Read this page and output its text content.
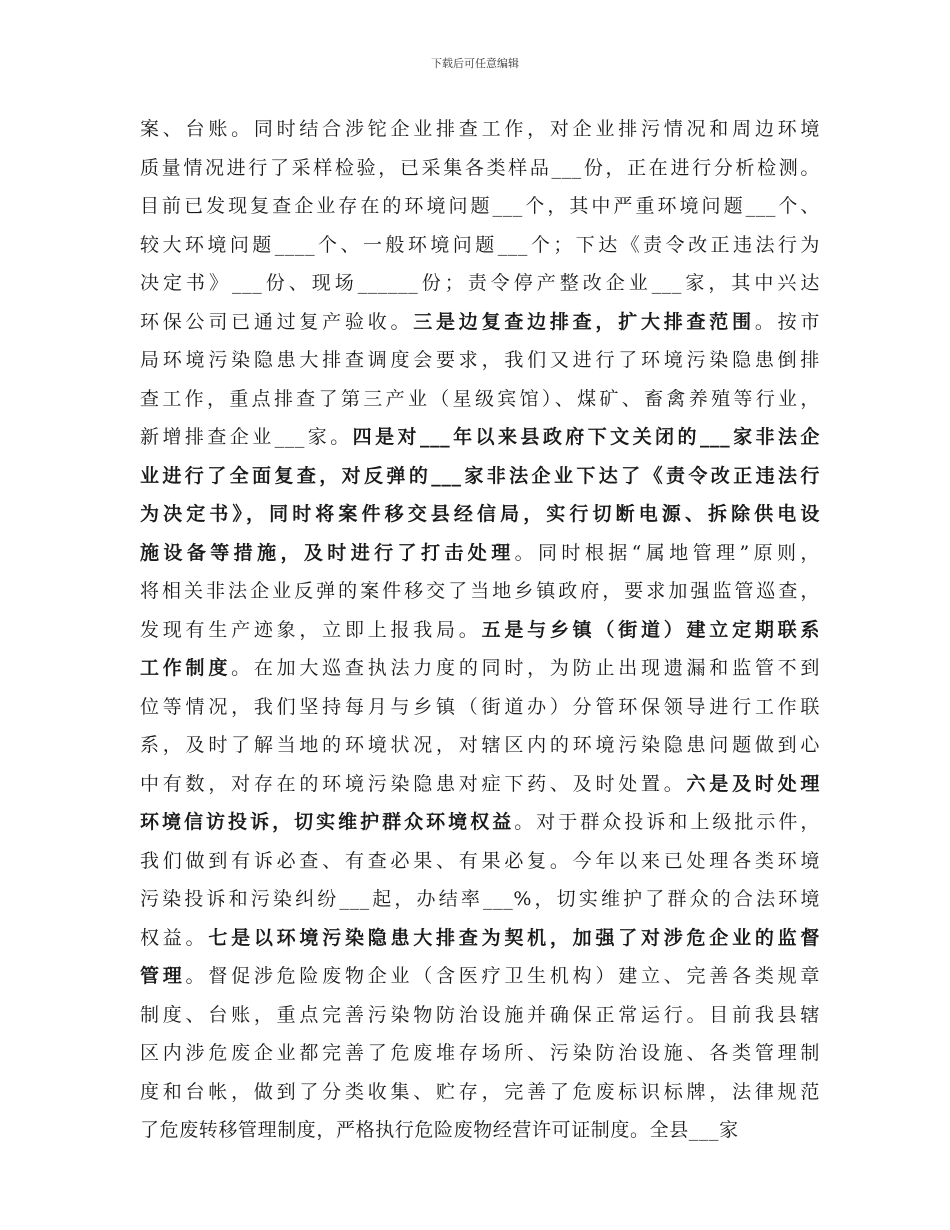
下载后可任意编辑
案、台账。同时结合涉铊企业排查工作，对企业排污情况和周边环境
质量情况进行了采样检验，已采集各类样品___份，正在进行分析检测。
目前已发现复查企业存在的环境问题___个，其中严重环境问题___个、
较大环境问题____个、一般环境问题___个；下达《责令改正违法行为
决定书》___份、现场______份；责令停产整改企业___家，其中兴达
环保公司已通过复产验收。三是边复查边排查，扩大排查范围。按市
局环境污染隐患大排查调度会要求，我们又进行了环境污染隐患倒排
查工作，重点排查了第三产业（星级宾馆）、煤矿、畜禽养殖等行业，
新增排查企业___家。四是对___年以来县政府下文关闭的___家非法企
业进行了全面复查，对反弹的___家非法企业下达了《责令改正违法行
为决定书》，同时将案件移交县经信局，实行切断电源、拆除供电设
施设备等措施，及时进行了打击处理。同时根据“属地管理”原则，
将相关非法企业反弹的案件移交了当地乡镇政府，要求加强监管巡查，
发现有生产迹象，立即上报我局。五是与乡镇（街道）建立定期联系
工作制度。在加大巡查执法力度的同时，为防止出现遗漏和监管不到
位等情况，我们坚持每月与乡镇（街道办）分管环保领导进行工作联
系，及时了解当地的环境状况，对辖区内的环境污染隐患问题做到心
中有数，对存在的环境污染隐患对症下药、及时处置。六是及时处理
环境信访投诉，切实维护群众环境权益。对于群众投诉和上级批示件，
我们做到有诉必查、有查必果、有果必复。今年以来已处理各类环境
污染投诉和污染纠纷___起，办结率___%，切实维护了群众的合法环境
权益。七是以环境污染隐患大排查为契机，加强了对涉危企业的监督
管理。督促涉危险废物企业（含医疗卫生机构）建立、完善各类规章
制度、台账，重点完善污染物防治设施并确保正常运行。目前我县辖
区内涉危废企业都完善了危废堆存场所、污染防治设施、各类管理制
度和台帐，做到了分类收集、贮存，完善了危废标识标牌，法律规范
了危废转移管理制度，严格执行危险废物经营许可证制度。全县___家
